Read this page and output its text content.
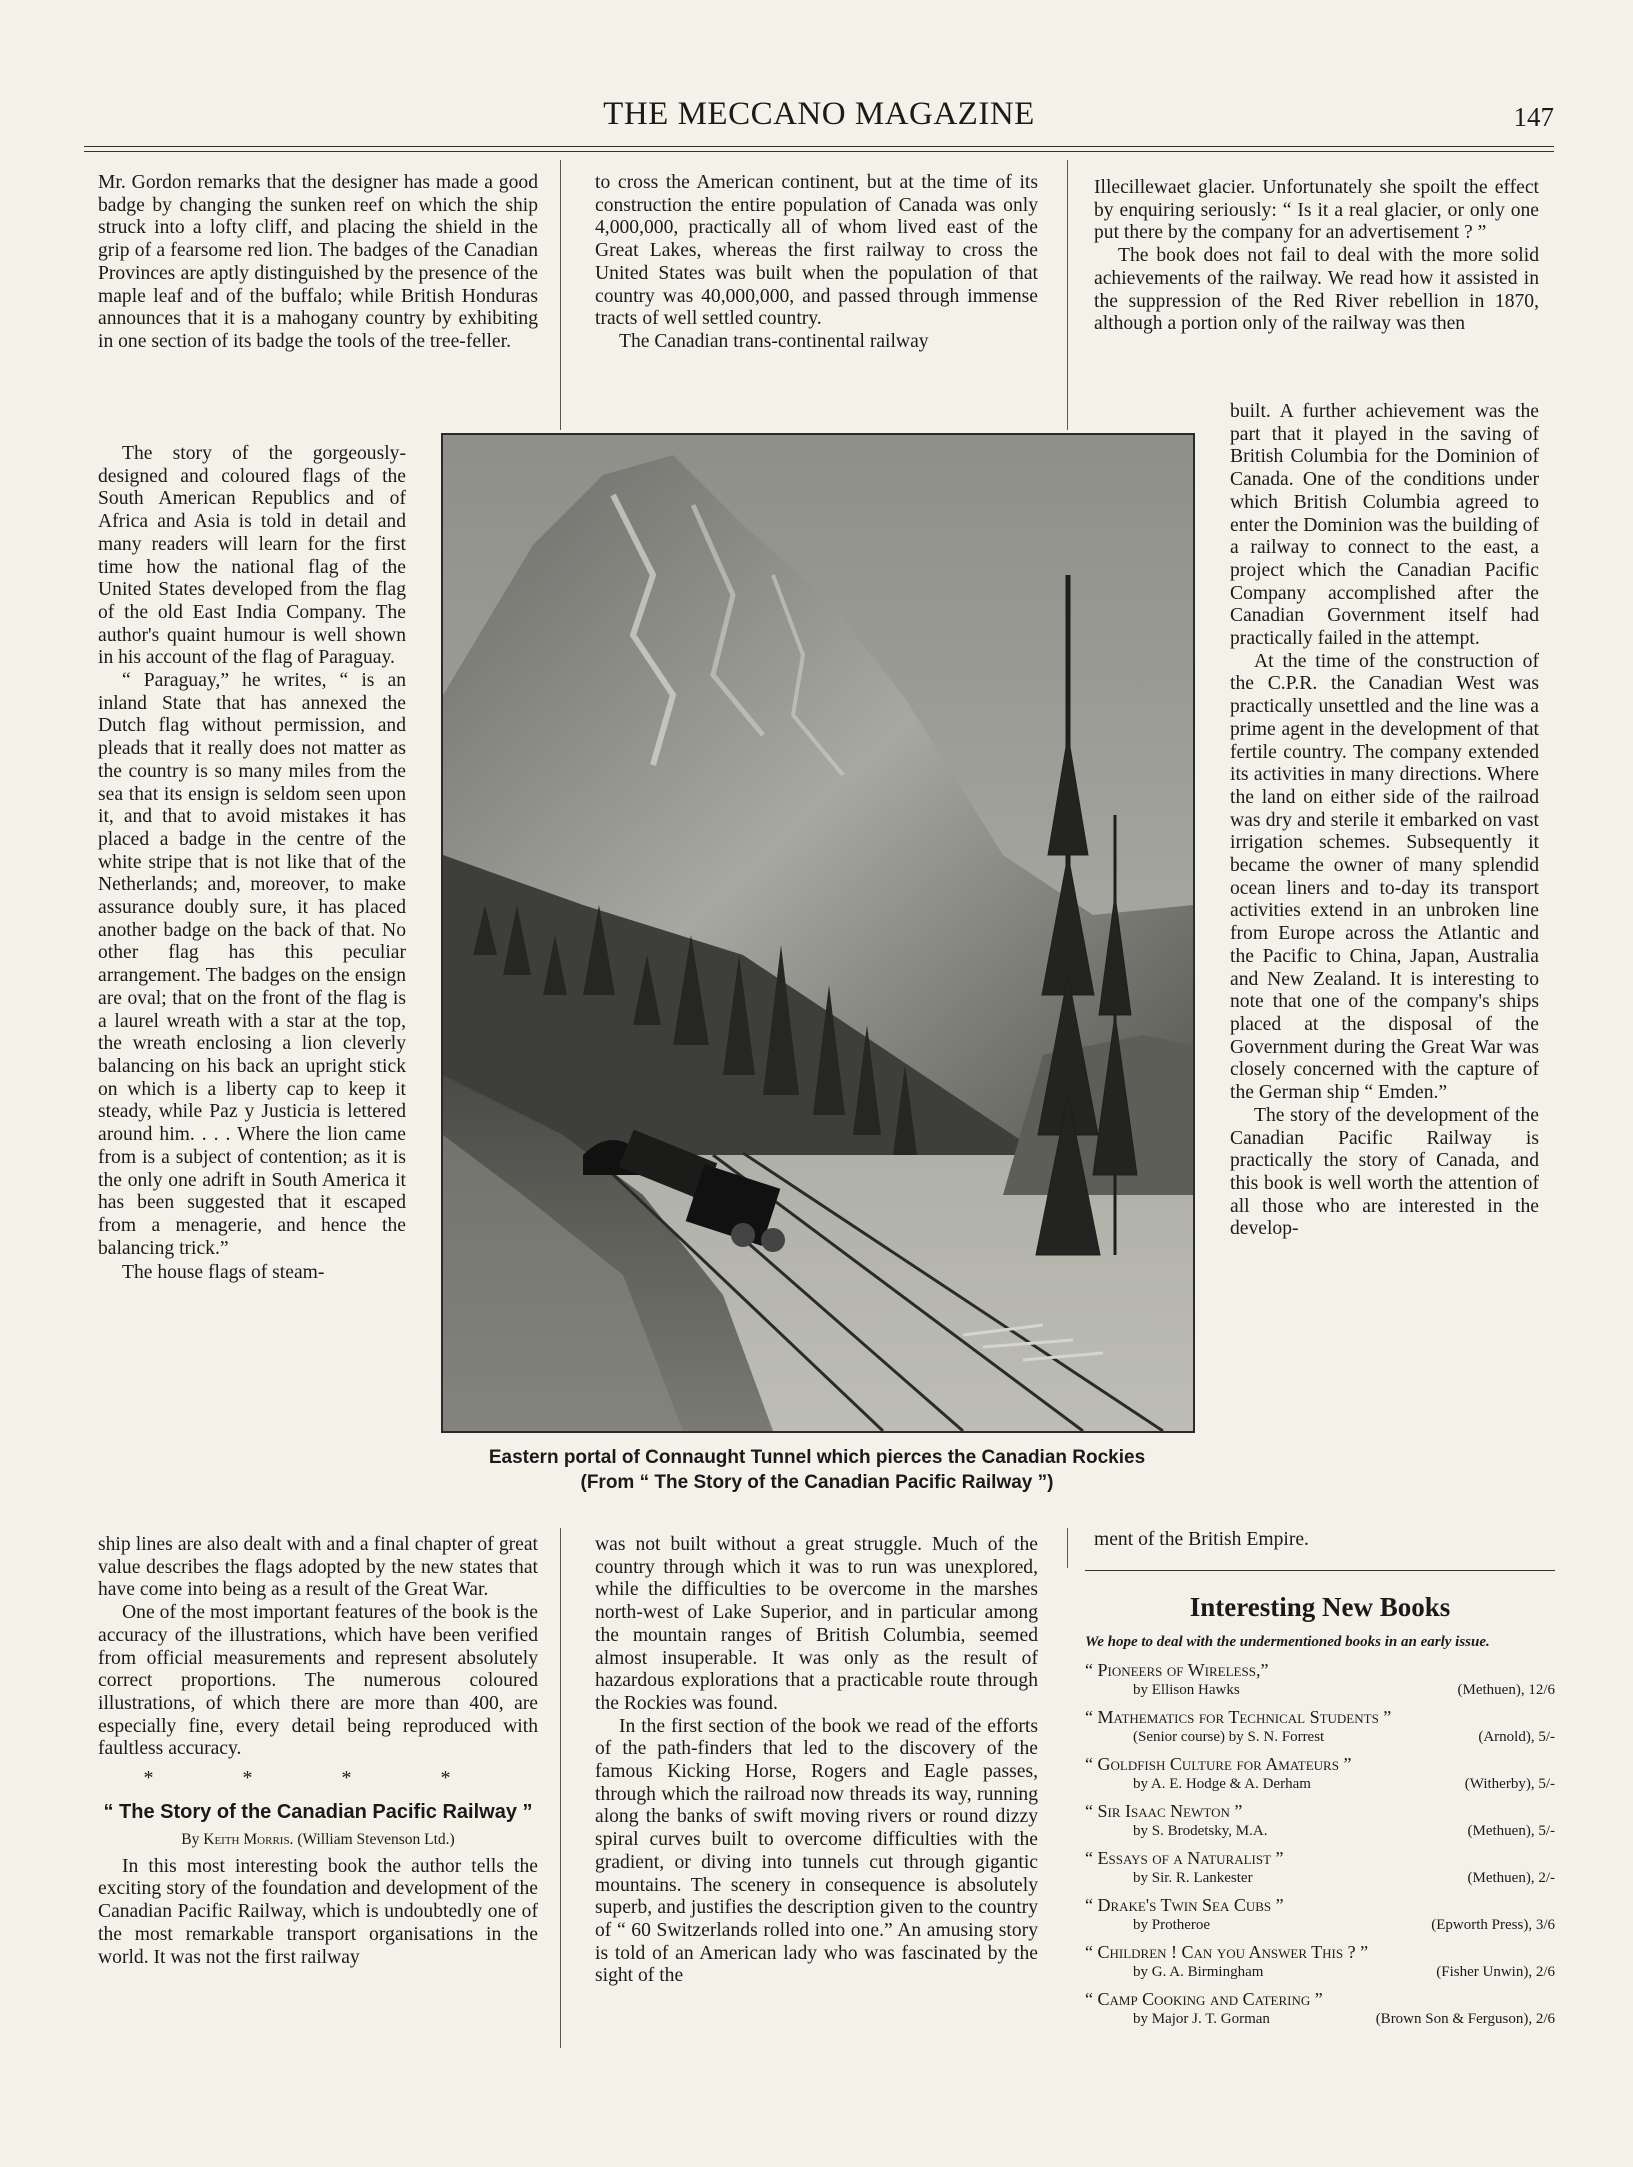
THE MECCANO MAGAZINE	147

Mr. Gordon remarks that the designer has made a good badge by changing the sunken reef on which the ship struck into a lofty cliff, and placing the shield in the grip of a fearsome red lion. The badges of the Canadian Provinces are aptly distinguished by the presence of the maple leaf and of the buffalo; while British Honduras announces that it is a mahogany country by exhibiting in one section of its badge the tools of the tree-feller.

The story of the gorgeously-designed and coloured flags of the South American Republics and of Africa and Asia is told in detail and many readers will learn for the first time how the national flag of the United States developed from the flag of the old East India Company. The author's quaint humour is well shown in his account of the flag of Paraguay.

“ Paraguay,” he writes, “ is an inland State that has annexed the Dutch flag without permission, and pleads that it really does not matter as the country is so many miles from the sea that its ensign is seldom seen upon it, and that to avoid mistakes it has placed a badge in the centre of the white stripe that is not like that of the Netherlands; and, moreover, to make assurance doubly sure, it has placed another badge on the back of that. No other flag has this peculiar arrangement. The badges on the ensign are oval; that on the front of the flag is a laurel wreath with a star at the top, the wreath enclosing a lion cleverly balancing on his back an upright stick on which is a liberty cap to keep it steady, while Paz y Justicia is lettered around him. . . . Where the lion came from is a subject of contention; as it is the only one adrift in South America it has been suggested that it escaped from a menagerie, and hence the balancing trick.”

The house flags of steam-

ship lines are also dealt with and a final chapter of great value describes the flags adopted by the new states that have come into being as a result of the Great War.

One of the most important features of the book is the accuracy of the illustrations, which have been verified from official measurements and represent absolutely correct proportions. The numerous coloured illustrations, of which there are more than 400, are especially fine, every detail being reproduced with faultless accuracy.

* * * *
“ The Story of the Canadian Pacific Railway ”
By Keith Morris. (William Stevenson Ltd.)

In this most interesting book the author tells the exciting story of the foundation and development of the Canadian Pacific Railway, which is undoubtedly one of the most remarkable transport organisations in the world. It was not the first railway

to cross the American continent, but at the time of its construction the entire population of Canada was only 4,000,000, practically all of whom lived east of the Great Lakes, whereas the first railway to cross the United States was built when the population of that country was 40,000,000, and passed through immense tracts of well settled country.

The Canadian trans-continental railway

was not built without a great struggle. Much of the country through which it was to run was unexplored, while the difficulties to be overcome in the marshes north-west of Lake Superior, and in particular among the mountain ranges of British Columbia, seemed almost insuperable. It was only as the result of hazardous explorations that a practicable route through the Rockies was found.

In the first section of the book we read of the efforts of the path-finders that led to the discovery of the famous Kicking Horse, Rogers and Eagle passes, through which the railroad now threads its way, running along the banks of swift moving rivers or round dizzy spiral curves built to overcome difficulties with the gradient, or diving into tunnels cut through gigantic mountains. The scenery in consequence is absolutely superb, and justifies the description given to the country of “ 60 Switzerlands rolled into one.” An amusing story is told of an American lady who was fascinated by the sight of the

Illecillewaet glacier. Unfortunately she spoilt the effect by enquiring seriously: “ Is it a real glacier, or only one put there by the company for an advertisement ? ”

The book does not fail to deal with the more solid achievements of the railway. We read how it assisted in the suppression of the Red River rebellion in 1870, although a portion only of the railway was then

built. A further achievement was the part that it played in the saving of British Columbia for the Dominion of Canada. One of the conditions under which British Columbia agreed to enter the Dominion was the building of a railway to connect to the east, a project which the Canadian Pacific Company accomplished after the Canadian Government itself had practically failed in the attempt.

At the time of the construction of the C.P.R. the Canadian West was practically unsettled and the line was a prime agent in the development of that fertile country. The company extended its activities in many directions. Where the land on either side of the railroad was dry and sterile it embarked on vast irrigation schemes. Subsequently it became the owner of many splendid ocean liners and to-day its transport activities extend in an unbroken line from Europe across the Atlantic and the Pacific to China, Japan, Australia and New Zealand. It is interesting to note that one of the company's ships placed at the disposal of the Government during the Great War was closely concerned with the capture of the German ship “ Emden.”

The story of the development of the Canadian Pacific Railway is practically the story of Canada, and this book is well worth the attention of all those who are interested in the develop-

ment of the British Empire.

Eastern portal of Connaught Tunnel which pierces the Canadian Rockies
(From “ The Story of the Canadian Pacific Railway ”)
Interesting New Books
We hope to deal with the undermentioned books in an early issue.
“ Pioneers of Wireless,”
by Ellison Hawks	(Methuen), 12/6
“ Mathematics for Technical Students ”
(Senior course) by S. N. Forrest	(Arnold), 5/-
“ Goldfish Culture for Amateurs ”
by A. E. Hodge & A. Derham	(Witherby), 5/-
“ Sir Isaac Newton ”
by S. Brodetsky, M.A.	(Methuen), 5/-
“ Essays of a Naturalist ”
by Sir. R. Lankester	(Methuen), 2/-
“ Drake's Twin Sea Cubs ”
by Protheroe	(Epworth Press), 3/6
“ Children ! Can you Answer This ? ”
by G. A. Birmingham	(Fisher Unwin), 2/6
“ Camp Cooking and Catering ”
by Major J. T. Gorman	(Brown Son & Ferguson), 2/6
